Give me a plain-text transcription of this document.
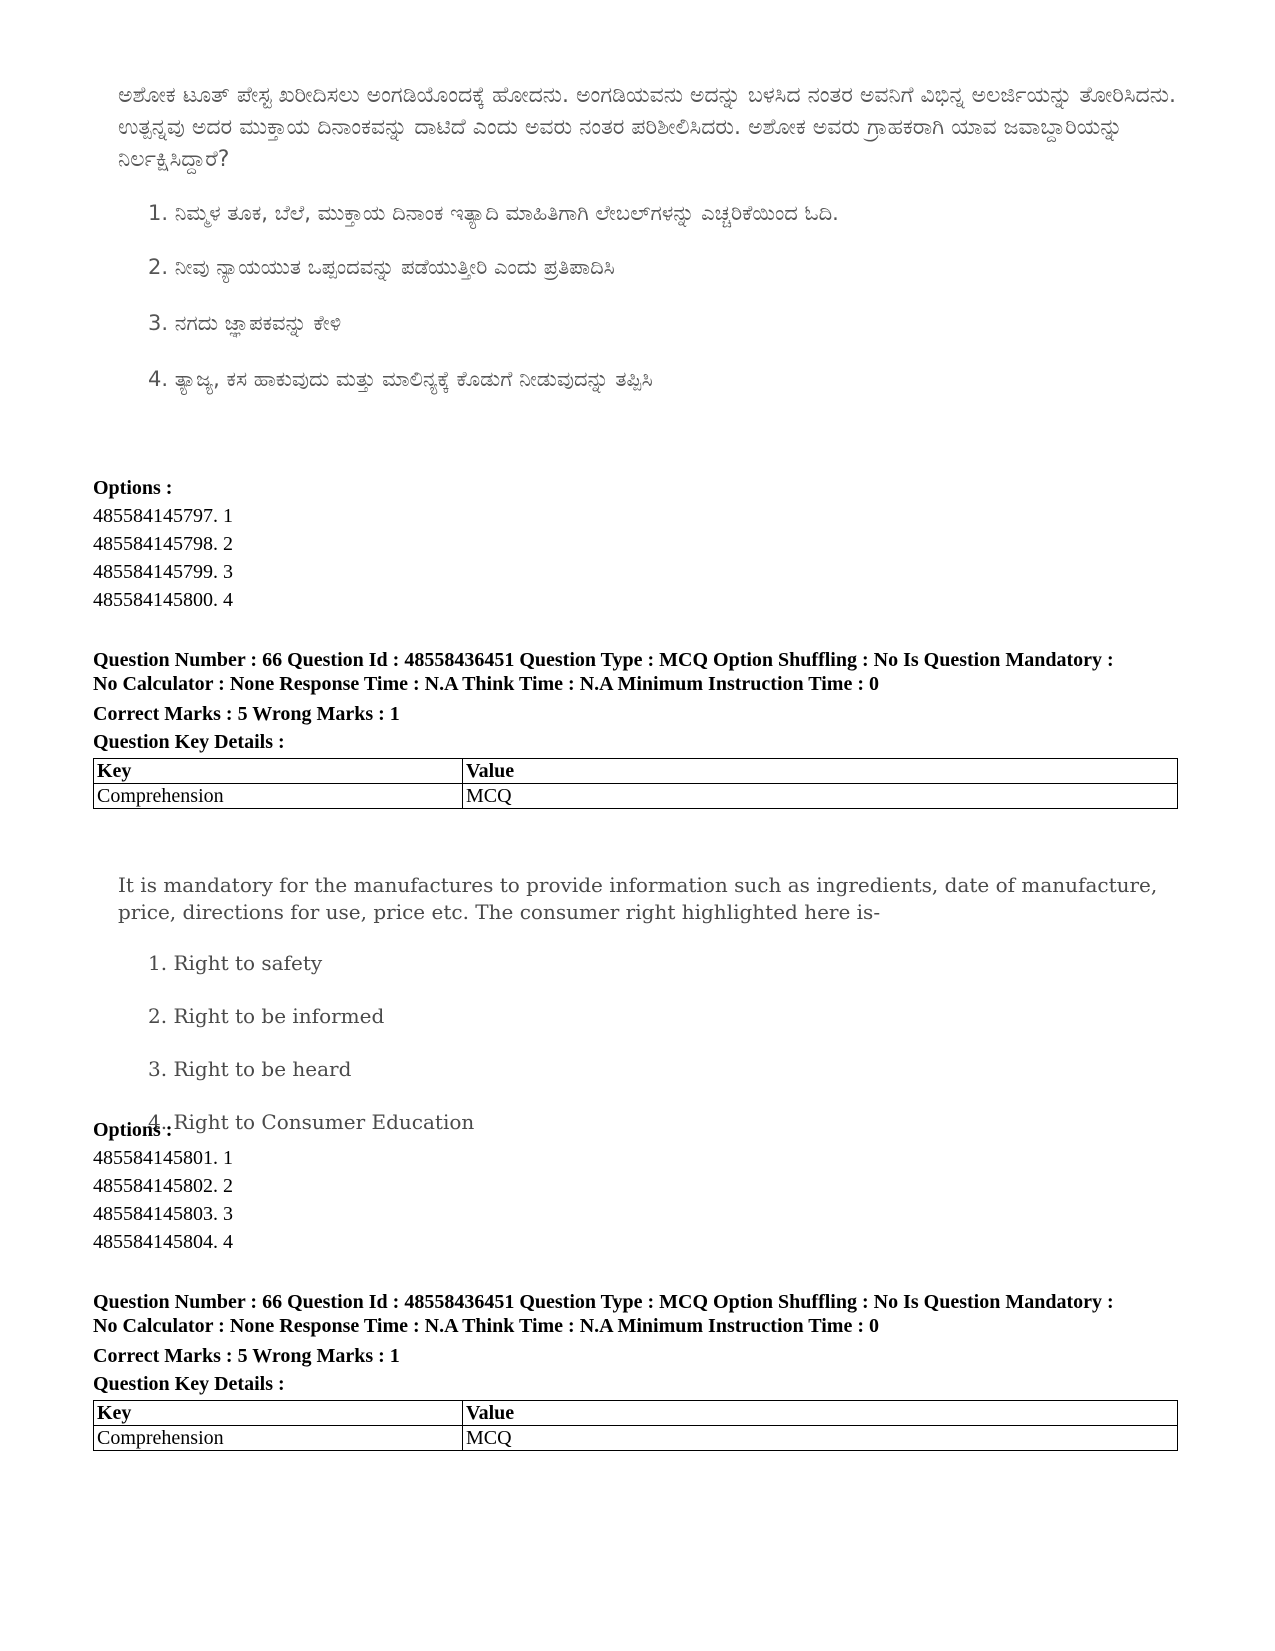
ಅಶೋಕ ಟೂತ್ ಪೇಸ್ಟ ಖರೀದಿಸಲು ಅಂಗಡಿಯೊಂದಕ್ಕೆ ಹೋದನು. ಅಂಗಡಿಯವನು ಅದನ್ನು ಬಳಸಿದ ನಂತರ ಅವನಿಗೆ ವಿಭಿನ್ನ ಅಲರ್ಜಿಯನ್ನು ತೋರಿಸಿದನು. ಉತ್ಪನ್ನವು ಅದರ ಮುಕ್ತಾಯ ದಿನಾಂಕವನ್ನು ದಾಟಿದೆ ಎಂದು ಅವರು ನಂತರ ಪರಿಶೀಲಿಸಿದರು. ಅಶೋಕ ಅವರು ಗ್ರಾಹಕರಾಗಿ ಯಾವ ಜವಾಬ್ದಾರಿಯನ್ನು ನಿರ್ಲಕ್ಷಿಸಿದ್ದಾರೆ?

1. ನಿಮ್ಮಳ ತೂಕ, ಬೆಲೆ, ಮುಕ್ತಾಯ ದಿನಾಂಕ ಇತ್ಯಾದಿ ಮಾಹಿತಿಗಾಗಿ ಲೇಬಲ್‌ಗಳನ್ನು ಎಚ್ಚರಿಕೆಯಿಂದ ಓದಿ.

2. ನೀವು ನ್ಯಾಯಯುತ ಒಪ್ಪಂದವನ್ನು ಪಡೆಯುತ್ತೀರಿ ಎಂದು ಪ್ರತಿಪಾದಿಸಿ

3. ನಗದು ಜ್ಞಾಪಕವನ್ನು ಕೇಳಿ

4. ತ್ಯಾಜ್ಯ, ಕಸ ಹಾಕುವುದು ಮತ್ತು ಮಾಲಿನ್ಯಕ್ಕೆ ಕೊಡುಗೆ ನೀಡುವುದನ್ನು ತಪ್ಪಿಸಿ

Options :
485584145797. 1
485584145798. 2
485584145799. 3
485584145800. 4
Question Number : 66 Question Id : 48558436451 Question Type : MCQ Option Shuffling : No Is Question Mandatory :
No Calculator : None Response Time : N.A Think Time : N.A Minimum Instruction Time : 0
Correct Marks : 5 Wrong Marks : 1
Question Key Details :
Key	Value
Comprehension	MCQ

It is mandatory for the manufactures to provide information such as ingredients, date of manufacture, price, directions for use, price etc. The consumer right highlighted here is-

1. Right to safety

2. Right to be informed

3. Right to be heard

4. Right to Consumer Education

Options :
485584145801. 1
485584145802. 2
485584145803. 3
485584145804. 4
Question Number : 66 Question Id : 48558436451 Question Type : MCQ Option Shuffling : No Is Question Mandatory :
No Calculator : None Response Time : N.A Think Time : N.A Minimum Instruction Time : 0
Correct Marks : 5 Wrong Marks : 1
Question Key Details :
Key	Value
Comprehension	MCQ
